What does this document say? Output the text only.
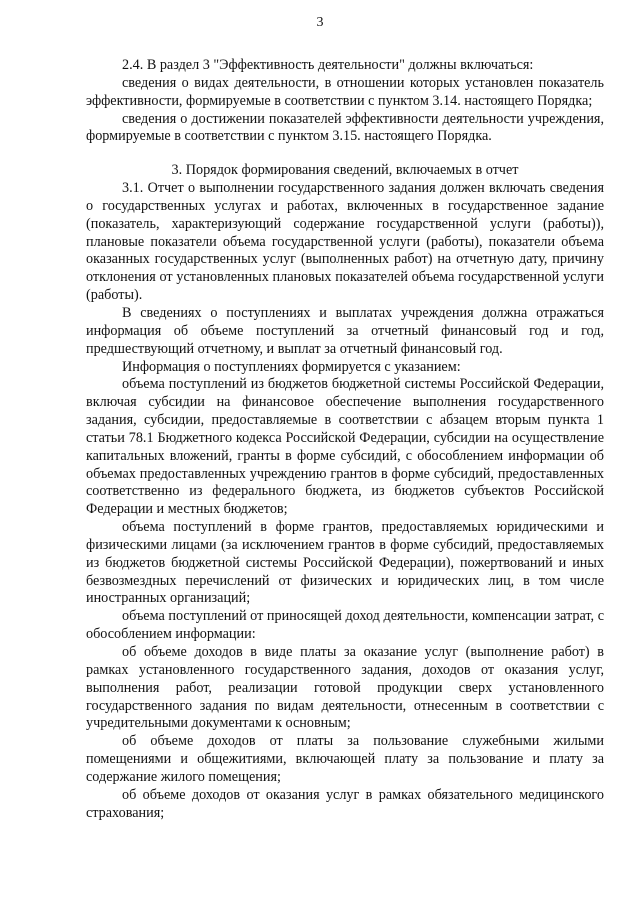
3

2.4. В раздел 3 "Эффективность деятельности" должны включаться:

сведения о видах деятельности, в отношении которых установлен показатель эффективности, формируемые в соответствии с пунктом 3.14. настоящего Порядка;

сведения о достижении показателей эффективности деятельности учреждения, формируемые в соответствии с пунктом 3.15. настоящего Порядка.

3. Порядок формирования сведений, включаемых в отчет

3.1. Отчет о выполнении государственного задания должен включать сведения о государственных услугах и работах, включенных в государственное задание (показатель, характеризующий содержание государственной услуги (работы)), плановые показатели объема государственной услуги (работы), показатели объема оказанных государственных услуг (выполненных работ) на отчетную дату, причину отклонения от установленных плановых показателей объема государственной услуги (работы).

В сведениях о поступлениях и выплатах учреждения должна отражаться информация об объеме поступлений за отчетный финансовый год и год, предшествующий отчетному, и выплат за отчетный финансовый год.

Информация о поступлениях формируется с указанием:

объема поступлений из бюджетов бюджетной системы Российской Федерации, включая субсидии на финансовое обеспечение выполнения государственного задания, субсидии, предоставляемые в соответствии с абзацем вторым пункта 1 статьи 78.1 Бюджетного кодекса Российской Федерации, субсидии на осуществление капитальных вложений, гранты в форме субсидий, с обособлением информации об объемах предоставленных учреждению грантов в форме субсидий, предоставленных соответственно из федерального бюджета, из бюджетов субъектов Российской Федерации и местных бюджетов;

объема поступлений в форме грантов, предоставляемых юридическими и физическими лицами (за исключением грантов в форме субсидий, предоставляемых из бюджетов бюджетной системы Российской Федерации), пожертвований и иных безвозмездных перечислений от физических и юридических лиц, в том числе иностранных организаций;

объема поступлений от приносящей доход деятельности, компенсации затрат, с обособлением информации:

об объеме доходов в виде платы за оказание услуг (выполнение работ) в рамках установленного государственного задания, доходов от оказания услуг, выполнения работ, реализации готовой продукции сверх установленного государственного задания по видам деятельности, отнесенным в соответствии с учредительными документами к основным;

об объеме доходов от платы за пользование служебными жилыми помещениями и общежитиями, включающей плату за пользование и плату за содержание жилого помещения;

об объеме доходов от оказания услуг в рамках обязательного медицинского страхования;
